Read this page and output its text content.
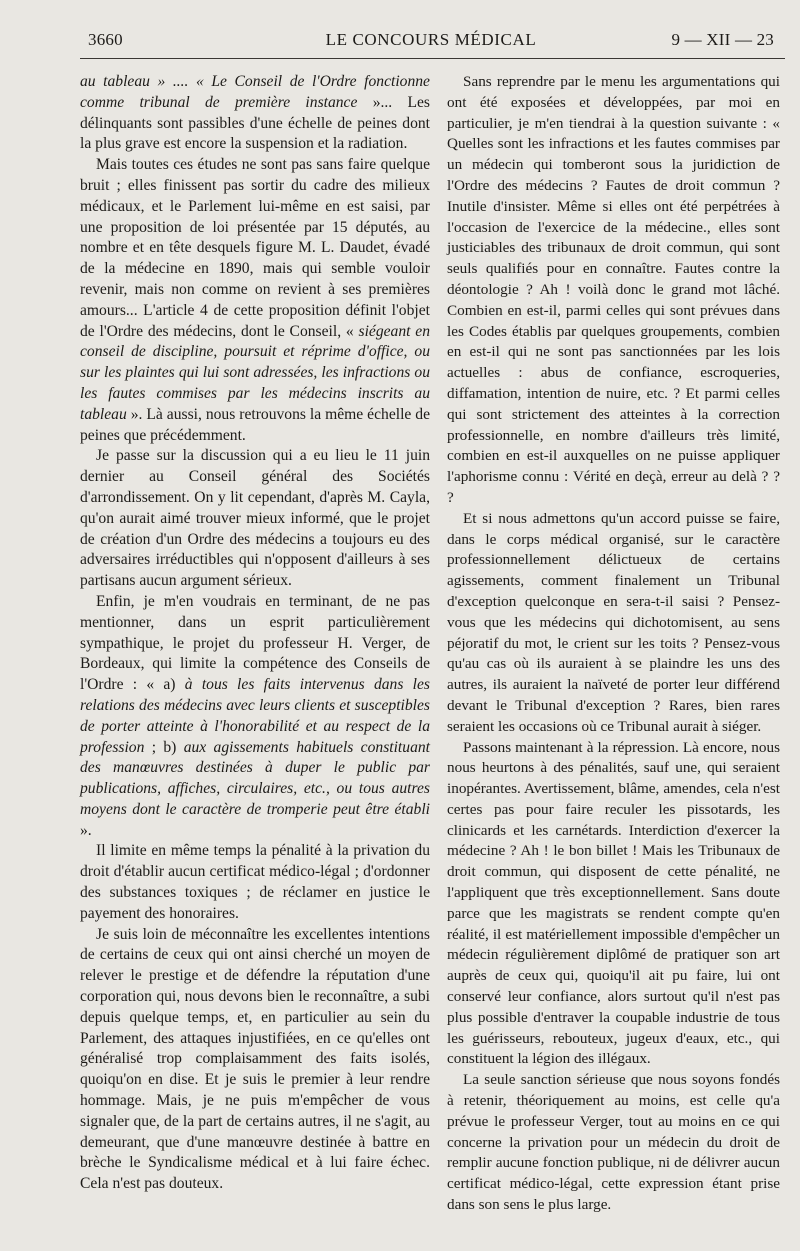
3660	LE CONCOURS MÉDICAL	9 — XII — 23

au tableau » .... « Le Conseil de l'Ordre fonctionne comme tribunal de première instance »... Les délinquants sont passibles d'une échelle de peines dont la plus grave est encore la suspension et la radiation.

Mais toutes ces études ne sont pas sans faire quelque bruit ; elles finissent pas sortir du cadre des milieux médicaux, et le Parlement lui-même en est saisi, par une proposition de loi présentée par 15 députés, au nombre et en tête desquels figure M. L. Daudet, évadé de la médecine en 1890, mais qui semble vouloir revenir, mais non comme on revient à ses premières amours... L'article 4 de cette proposition définit l'objet de l'Ordre des médecins, dont le Conseil, « siégeant en conseil de discipline, poursuit et réprime d'office, ou sur les plaintes qui lui sont adressées, les infractions ou les fautes commises par les médecins inscrits au tableau ». Là aussi, nous retrouvons la même échelle de peines que précédemment.

Je passe sur la discussion qui a eu lieu le 11 juin dernier au Conseil général des Sociétés d'arrondissement. On y lit cependant, d'après M. Cayla, qu'on aurait aimé trouver mieux informé, que le projet de création d'un Ordre des médecins a toujours eu des adversaires irréductibles qui n'opposent d'ailleurs à ses partisans aucun argument sérieux.

Enfin, je m'en voudrais en terminant, de ne pas mentionner, dans un esprit particulièrement sympathique, le projet du professeur H. Verger, de Bordeaux, qui limite la compétence des Conseils de l'Ordre : « a) à tous les faits intervenus dans les relations des médecins avec leurs clients et susceptibles de porter atteinte à l'honorabilité et au respect de la profession ; b) aux agissements habituels constituant des manœuvres destinées à duper le public par publications, affiches, circulaires, etc., ou tous autres moyens dont le caractère de tromperie peut être établi ».

Il limite en même temps la pénalité à la privation du droit d'établir aucun certificat médico-légal ; d'ordonner des substances toxiques ; de réclamer en justice le payement des honoraires.

Je suis loin de méconnaître les excellentes intentions de certains de ceux qui ont ainsi cherché un moyen de relever le prestige et de défendre la réputation d'une corporation qui, nous devons bien le reconnaître, a subi depuis quelque temps, et, en particulier au sein du Parlement, des attaques injustifiées, en ce qu'elles ont généralisé trop complaisamment des faits isolés, quoiqu'on en dise. Et je suis le premier à leur rendre hommage. Mais, je ne puis m'empêcher de vous signaler que, de la part de certains autres, il ne s'agit, au demeurant, que d'une manœuvre destinée à battre en brèche le Syndicalisme médical et à lui faire échec. Cela n'est pas douteux.

Sans reprendre par le menu les argumentations qui ont été exposées et développées, par moi en particulier, je m'en tiendrai à la question suivante : « Quelles sont les infractions et les fautes commises par un médecin qui tomberont sous la juridiction de l'Ordre des médecins ? Fautes de droit commun ? Inutile d'insister. Même si elles ont été perpétrées à l'occasion de l'exercice de la médecine., elles sont justiciables des tribunaux de droit commun, qui sont seuls qualifiés pour en connaître. Fautes contre la déontologie ? Ah ! voilà donc le grand mot lâché. Combien en est-il, parmi celles qui sont prévues dans les Codes établis par quelques groupements, combien en est-il qui ne sont pas sanctionnées par les lois actuelles : abus de confiance, escroqueries, diffamation, intention de nuire, etc. ? Et parmi celles qui sont strictement des atteintes à la correction professionnelle, en nombre d'ailleurs très limité, combien en est-il auxquelles on ne puisse appliquer l'aphorisme connu : Vérité en deçà, erreur au delà ? ? ?

Et si nous admettons qu'un accord puisse se faire, dans le corps médical organisé, sur le caractère professionnellement délictueux de certains agissements, comment finalement un Tribunal d'exception quelconque en sera-t-il saisi ? Pensez-vous que les médecins qui dichotomisent, au sens péjoratif du mot, le crient sur les toits ? Pensez-vous qu'au cas où ils auraient à se plaindre les uns des autres, ils auraient la naïveté de porter leur différend devant le Tribunal d'exception ? Rares, bien rares seraient les occasions où ce Tribunal aurait à siéger.

Passons maintenant à la répression. Là encore, nous nous heurtons à des pénalités, sauf une, qui seraient inopérantes. Avertissement, blâme, amendes, cela n'est certes pas pour faire reculer les pissotards, les clinicards et les carnétards. Interdiction d'exercer la médecine ? Ah ! le bon billet ! Mais les Tribunaux de droit commun, qui disposent de cette pénalité, ne l'appliquent que très exceptionnellement. Sans doute parce que les magistrats se rendent compte qu'en réalité, il est matériellement impossible d'empêcher un médecin régulièrement diplômé de pratiquer son art auprès de ceux qui, quoiqu'il ait pu faire, lui ont conservé leur confiance, alors surtout qu'il n'est pas plus possible d'entraver la coupable industrie de tous les guérisseurs, rebouteux, jugeux d'eaux, etc., qui constituent la légion des illégaux.

La seule sanction sérieuse que nous soyons fondés à retenir, théoriquement au moins, est celle qu'a prévue le professeur Verger, tout au moins en ce qui concerne la privation pour un médecin du droit de remplir aucune fonction publique, ni de délivrer aucun certificat médico-légal, cette expression étant prise dans son sens le plus large.
